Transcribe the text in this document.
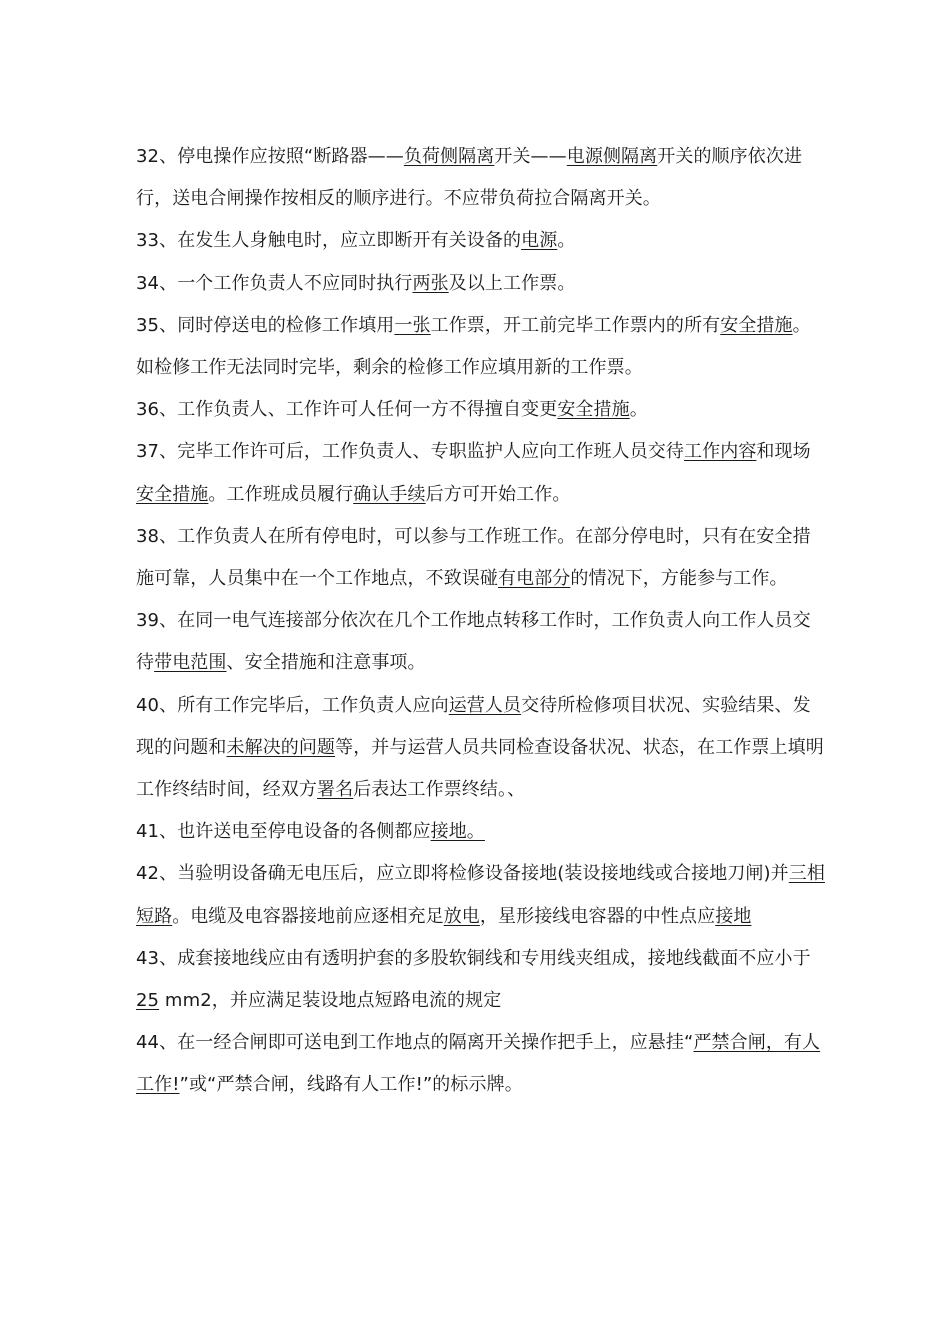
32、停电操作应按照“断路器——负荷侧隔离开关——电源侧隔离开关的顺序依次进行，送电合闸操作按相反的顺序进行。不应带负荷拉合隔离开关。

33、在发生人身触电时，应立即断开有关设备的电源。

34、一个工作负责人不应同时执行两张及以上工作票。

35、同时停送电的检修工作填用一张工作票，开工前完毕工作票内的所有安全措施。如检修工作无法同时完毕，剩余的检修工作应填用新的工作票。

36、工作负责人、工作许可人任何一方不得擅自变更安全措施。

37、完毕工作许可后，工作负责人、专职监护人应向工作班人员交待工作内容和现场安全措施。工作班成员履行确认手续后方可开始工作。

38、工作负责人在所有停电时，可以参与工作班工作。在部分停电时，只有在安全措施可靠，人员集中在一个工作地点，不致误碰有电部分的情况下，方能参与工作。

39、在同一电气连接部分依次在几个工作地点转移工作时，工作负责人向工作人员交待带电范围、安全措施和注意事项。

40、所有工作完毕后，工作负责人应向运营人员交待所检修项目状况、实验结果、发现的问题和未解决的问题等，并与运营人员共同检查设备状况、状态，在工作票上填明工作终结时间，经双方署名后表达工作票终结。、

41、也许送电至停电设备的各侧都应接地。

42、当验明设备确无电压后，应立即将检修设备接地(装设接地线或合接地刀闸)并三相短路。电缆及电容器接地前应逐相充足放电，星形接线电容器的中性点应接地

43、成套接地线应由有透明护套的多股软铜线和专用线夹组成，接地线截面不应小于25 mm2，并应满足装设地点短路电流的规定

44、在一经合闸即可送电到工作地点的隔离开关操作把手上，应悬挂“严禁合闸，有人工作!”或“严禁合闸，线路有人工作!”的标示牌。
